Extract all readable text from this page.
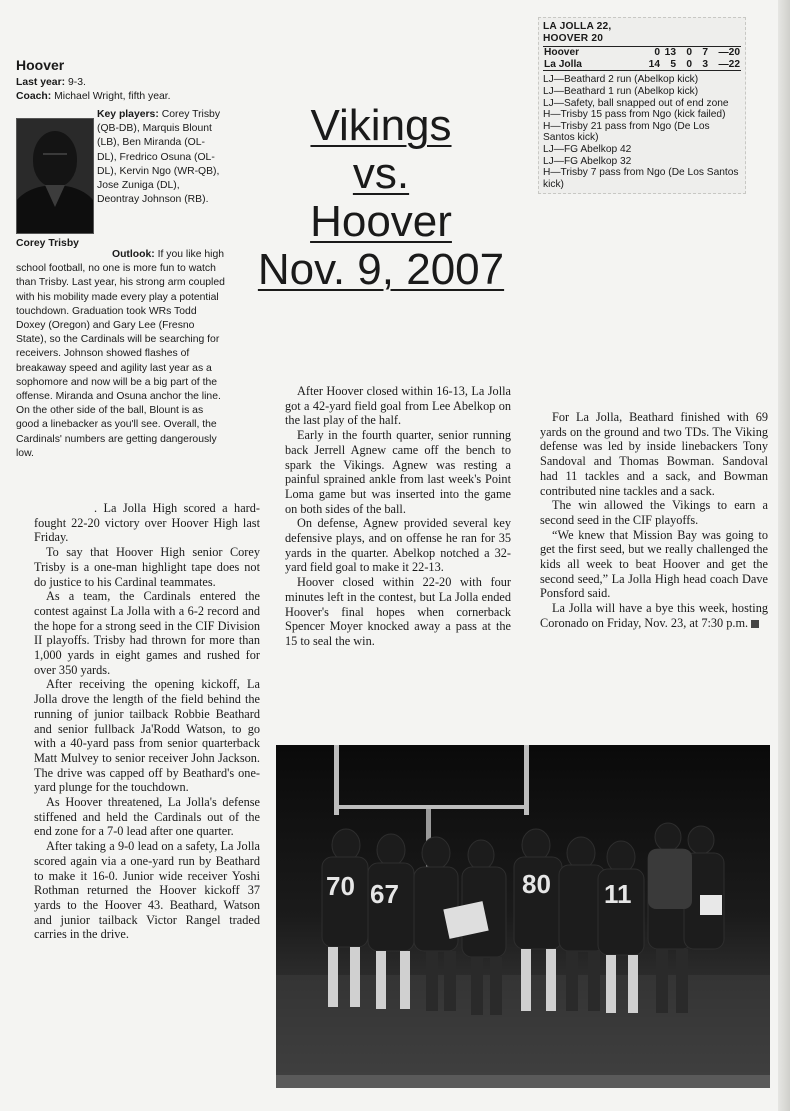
Hoover
Last year: 9-3.
Coach: Michael Wright, fifth year.
Corey Trisby
Key players: Corey Trisby (QB-DB), Marquis Blount (LB), Ben Miranda (OL-DL), Fredrico Osuna (OL-DL), Kervin Ngo (WR-QB), Jose Zuniga (DL), Deontray Johnson (RB).
Outlook: If you like high school football, no one is more fun to watch than Trisby. Last year, his strong arm coupled with his mobility made every play a potential touchdown. Graduation took WRs Todd Doxey (Oregon) and Gary Lee (Fresno State), so the Cardinals will be searching for receivers. Johnson showed flashes of breakaway speed and agility last year as a sophomore and now will be a big part of the offense. Miranda and Osuna anchor the line. On the other side of the ball, Blount is as good a linebacker as you'll see. Overall, the Cardinals' numbers are getting dangerously low.
Vikings
vs.
Hoover
Nov. 9, 2007
LA JOLLA 22,
HOOVER 20
Hoover	0	13	0	7	—20
La Jolla	14	5	0	3	—22
LJ—Beathard 2 run (Abelkop kick)
LJ—Beathard 1 run (Abelkop kick)
LJ—Safety, ball snapped out of end zone
H—Trisby 15 pass from Ngo (kick failed)
H—Trisby 21 pass from Ngo (De Los Santos kick)
LJ—FG Abelkop 42
LJ—FG Abelkop 32
H—Trisby 7 pass from Ngo (De Los Santos kick)

. La Jolla High scored a hard-fought 22-20 victory over Hoover High last Friday.

To say that Hoover High senior Corey Trisby is a one-man highlight tape does not do justice to his Cardinal teammates.

As a team, the Cardinals entered the contest against La Jolla with a 6-2 record and the hope for a strong seed in the CIF Division II playoffs. Trisby had thrown for more than 1,000 yards in eight games and rushed for over 350 yards.

After receiving the opening kickoff, La Jolla drove the length of the field behind the running of junior tailback Robbie Beathard and senior fullback Ja'Rodd Watson, to go with a 40-yard pass from senior quarterback Matt Mulvey to senior receiver John Jackson. The drive was capped off by Beathard's one-yard plunge for the touchdown.

As Hoover threatened, La Jolla's defense stiffened and held the Cardinals out of the end zone for a 7-0 lead after one quarter.

After taking a 9-0 lead on a safety, La Jolla scored again via a one-yard run by Beathard to make it 16-0. Junior wide receiver Yoshi Rothman returned the Hoover kickoff 37 yards to the Hoover 43. Beathard, Watson and junior tailback Victor Rangel traded carries in the drive.

After Hoover closed within 16-13, La Jolla got a 42-yard field goal from Lee Abelkop on the last play of the half.

Early in the fourth quarter, senior running back Jerrell Agnew came off the bench to spark the Vikings. Agnew was resting a painful sprained ankle from last week's Point Loma game but was inserted into the game on both sides of the ball.

On defense, Agnew provided several key defensive plays, and on offense he ran for 35 yards in the quarter. Abelkop notched a 32-yard field goal to make it 22-13.

Hoover closed within 22-20 with four minutes left in the contest, but La Jolla ended Hoover's final hopes when cornerback Spencer Moyer knocked away a pass at the 15 to seal the win.

For La Jolla, Beathard finished with 69 yards on the ground and two TDs. The Viking defense was led by inside linebackers Tony Sandoval and Thomas Bowman. Sandoval had 11 tackles and a sack, and Bowman contributed nine tackles and a sack.

The win allowed the Vikings to earn a second seed in the CIF playoffs.

“We knew that Mission Bay was going to get the first seed, but we really challenged the kids all week to beat Hoover and get the second seed,” La Jolla High head coach Dave Ponsford said.

La Jolla will have a bye this week, hosting Coronado on Friday, Nov. 23, at 7:30 p.m.

70 67	80 11
